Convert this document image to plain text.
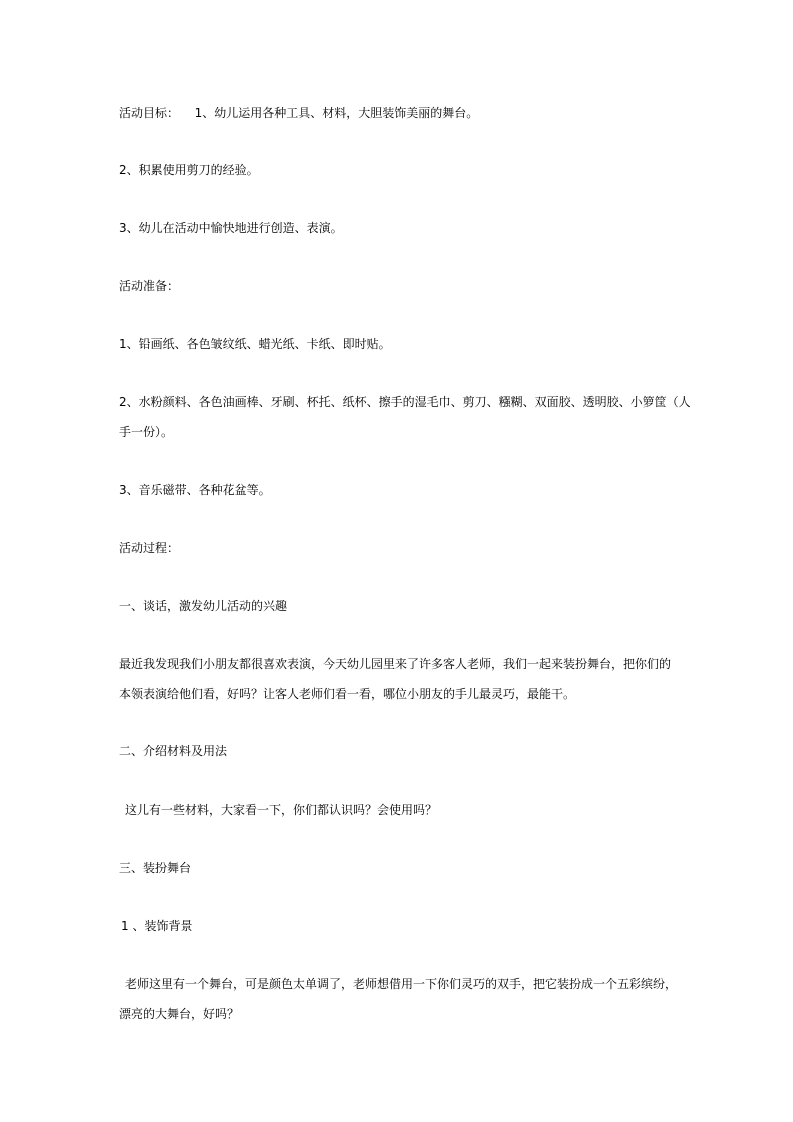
活动目标： 1、幼儿运用各种工具、材料，大胆装饰美丽的舞台。
2、积累使用剪刀的经验。
3、幼儿在活动中愉快地进行创造、表演。
活动准备：
1、铅画纸、各色皱纹纸、蜡光纸、卡纸、即时贴。
2、水粉颜料、各色油画棒、牙刷、杯托、纸杯、擦手的湿毛巾、剪刀、糨糊、双面胶、透明胶、小箩筐（人
手一份）。
3、音乐磁带、各种花盆等。
活动过程：
一、谈话，激发幼儿活动的兴趣
最近我发现我们小朋友都很喜欢表演，今天幼儿园里来了许多客人老师，我们一起来装扮舞台，把你们的
本领表演给他们看，好吗？让客人老师们看一看，哪位小朋友的手儿最灵巧，最能干。
二、介绍材料及用法
这儿有一些材料，大家看一下，你们都认识吗？会使用吗？
三、装扮舞台
1 、装饰背景
老师这里有一个舞台，可是颜色太单调了，老师想借用一下你们灵巧的双手，把它装扮成一个五彩缤纷，
漂亮的大舞台，好吗？
